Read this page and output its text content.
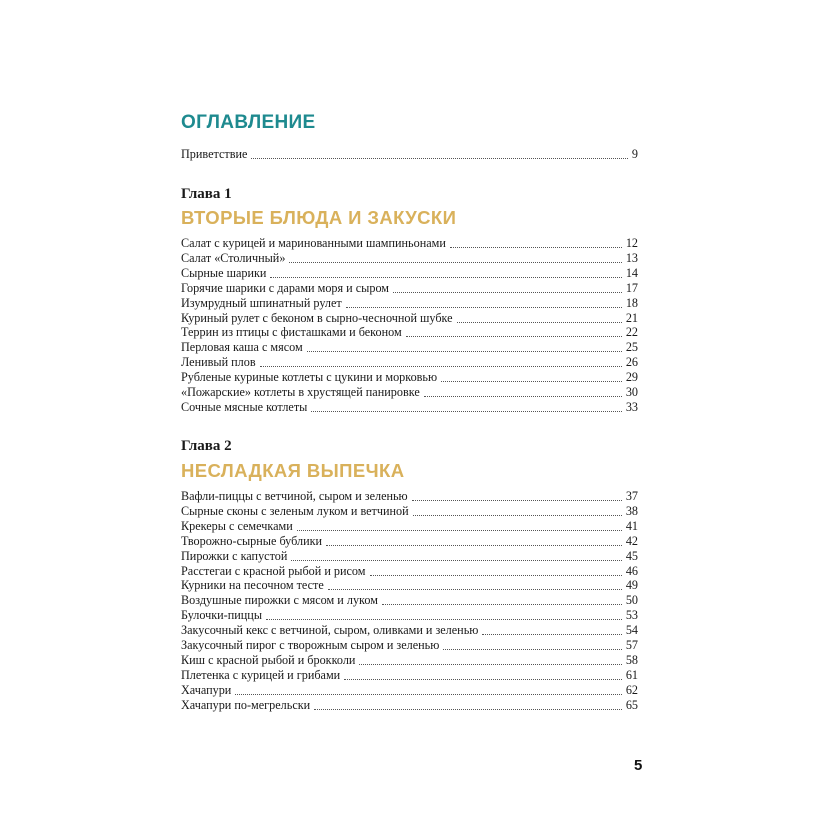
ОГЛАВЛЕНИЕ
Приветствие	9
Глава 1
ВТОРЫЕ БЛЮДА И ЗАКУСКИ
Салат с курицей и маринованными шампиньонами	12
Салат «Столичный»	13
Сырные шарики	14
Горячие шарики с дарами моря и сыром	17
Изумрудный шпинатный рулет	18
Куриный рулет с беконом в сырно-чесночной шубке	21
Террин из птицы с фисташками и беконом	22
Перловая каша с мясом	25
Ленивый плов	26
Рубленые куриные котлеты с цукини и морковью	29
«Пожарские» котлеты в хрустящей панировке	30
Сочные мясные котлеты	33
Глава 2
НЕСЛАДКАЯ ВЫПЕЧКА
Вафли-пиццы с ветчиной, сыром и зеленью	37
Сырные сконы с зеленым луком и ветчиной	38
Крекеры с семечками	41
Творожно-сырные бублики	42
Пирожки с капустой	45
Расстегаи с красной рыбой и рисом	46
Курники на песочном тесте	49
Воздушные пирожки с мясом и луком	50
Булочки-пиццы	53
Закусочный кекс с ветчиной, сыром, оливками и зеленью	54
Закусочный пирог с творожным сыром и зеленью	57
Киш с красной рыбой и брокколи	58
Плетенка с курицей и грибами	61
Хачапури	62
Хачапури по-мегрельски	65
5
